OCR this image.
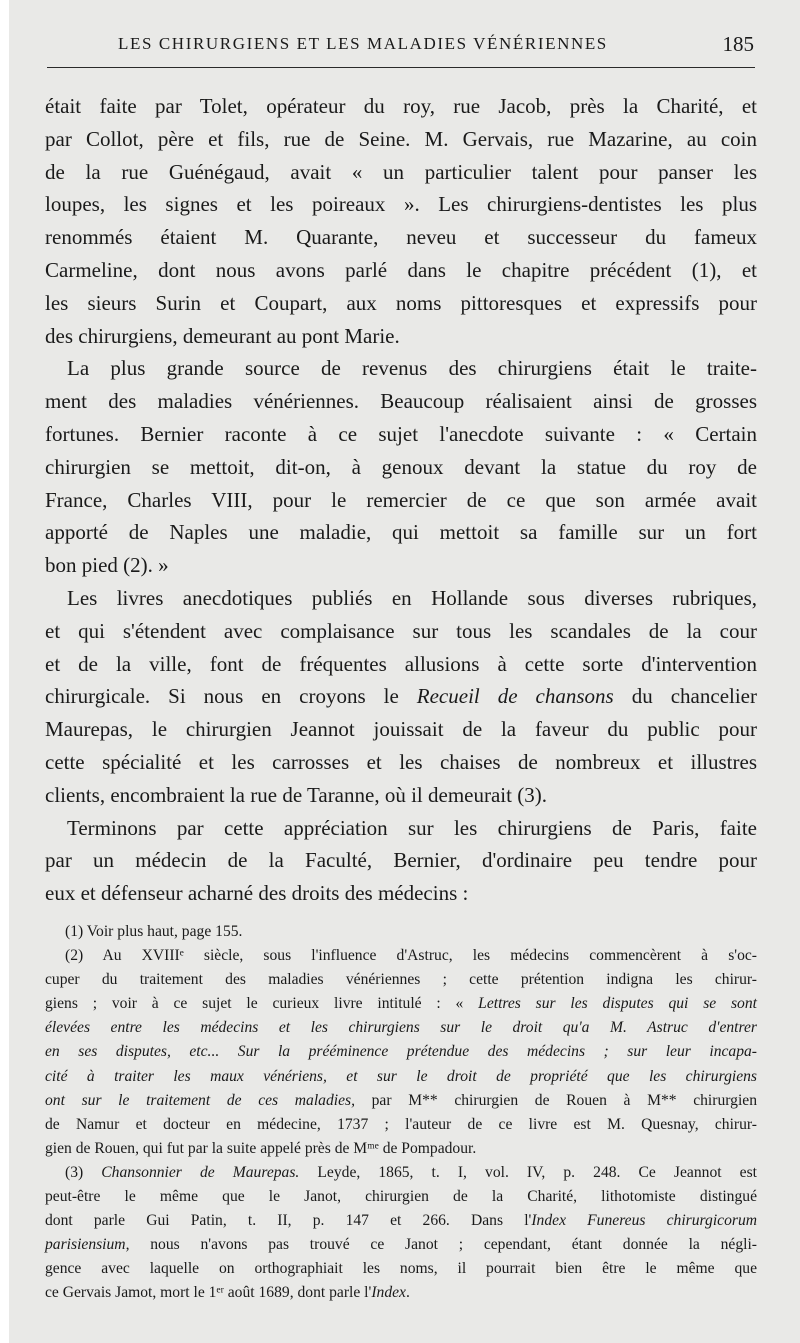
LES CHIRURGIENS ET LES MALADIES VÉNÉRIENNES	185
était faite par Tolet, opérateur du roy, rue Jacob, près la Charité, et
par Collot, père et fils, rue de Seine. M. Gervais, rue Mazarine, au coin
de la rue Guénégaud, avait « un particulier talent pour panser les
loupes, les signes et les poireaux ». Les chirurgiens-dentistes les plus
renommés étaient M. Quarante, neveu et successeur du fameux
Carmeline, dont nous avons parlé dans le chapitre précédent (1), et
les sieurs Surin et Coupart, aux noms pittoresques et expressifs pour
des chirurgiens, demeurant au pont Marie.
La plus grande source de revenus des chirurgiens était le traite-
ment des maladies vénériennes. Beaucoup réalisaient ainsi de grosses
fortunes. Bernier raconte à ce sujet l'anecdote suivante : « Certain
chirurgien se mettoit, dit-on, à genoux devant la statue du roy de
France, Charles VIII, pour le remercier de ce que son armée avait
apporté de Naples une maladie, qui mettoit sa famille sur un fort
bon pied (2). »
Les livres anecdotiques publiés en Hollande sous diverses rubriques,
et qui s'étendent avec complaisance sur tous les scandales de la cour
et de la ville, font de fréquentes allusions à cette sorte d'intervention
chirurgicale. Si nous en croyons le Recueil de chansons du chancelier
Maurepas, le chirurgien Jeannot jouissait de la faveur du public pour
cette spécialité et les carrosses et les chaises de nombreux et illustres
clients, encombraient la rue de Taranne, où il demeurait (3).
Terminons par cette appréciation sur les chirurgiens de Paris, faite
par un médecin de la Faculté, Bernier, d'ordinaire peu tendre pour
eux et défenseur acharné des droits des médecins :
(1) Voir plus haut, page 155.
(2) Au XVIIIᵉ siècle, sous l'influence d'Astruc, les médecins commencèrent à s'oc-
cuper du traitement des maladies vénériennes ; cette prétention indigna les chirur-
giens ; voir à ce sujet le curieux livre intitulé : « Lettres sur les disputes qui se sont
élevées entre les médecins et les chirurgiens sur le droit qu'a M. Astruc d'entrer
en ses disputes, etc... Sur la prééminence prétendue des médecins ; sur leur incapa-
cité à traiter les maux vénériens, et sur le droit de propriété que les chirurgiens
ont sur le traitement de ces maladies, par M** chirurgien de Rouen à M** chirurgien
de Namur et docteur en médecine, 1737 ; l'auteur de ce livre est M. Quesnay, chirur-
gien de Rouen, qui fut par la suite appelé près de Mᵐᵉ de Pompadour.
(3) Chansonnier de Maurepas. Leyde, 1865, t. I, vol. IV, p. 248. Ce Jeannot est
peut-être le même que le Janot, chirurgien de la Charité, lithotomiste distingué
dont parle Gui Patin, t. II, p. 147 et 266. Dans l'Index Funereus chirurgicorum
parisiensium, nous n'avons pas trouvé ce Janot ; cependant, étant donnée la négli-
gence avec laquelle on orthographiait les noms, il pourrait bien être le même que
ce Gervais Jamot, mort le 1ᵉʳ août 1689, dont parle l'Index.
